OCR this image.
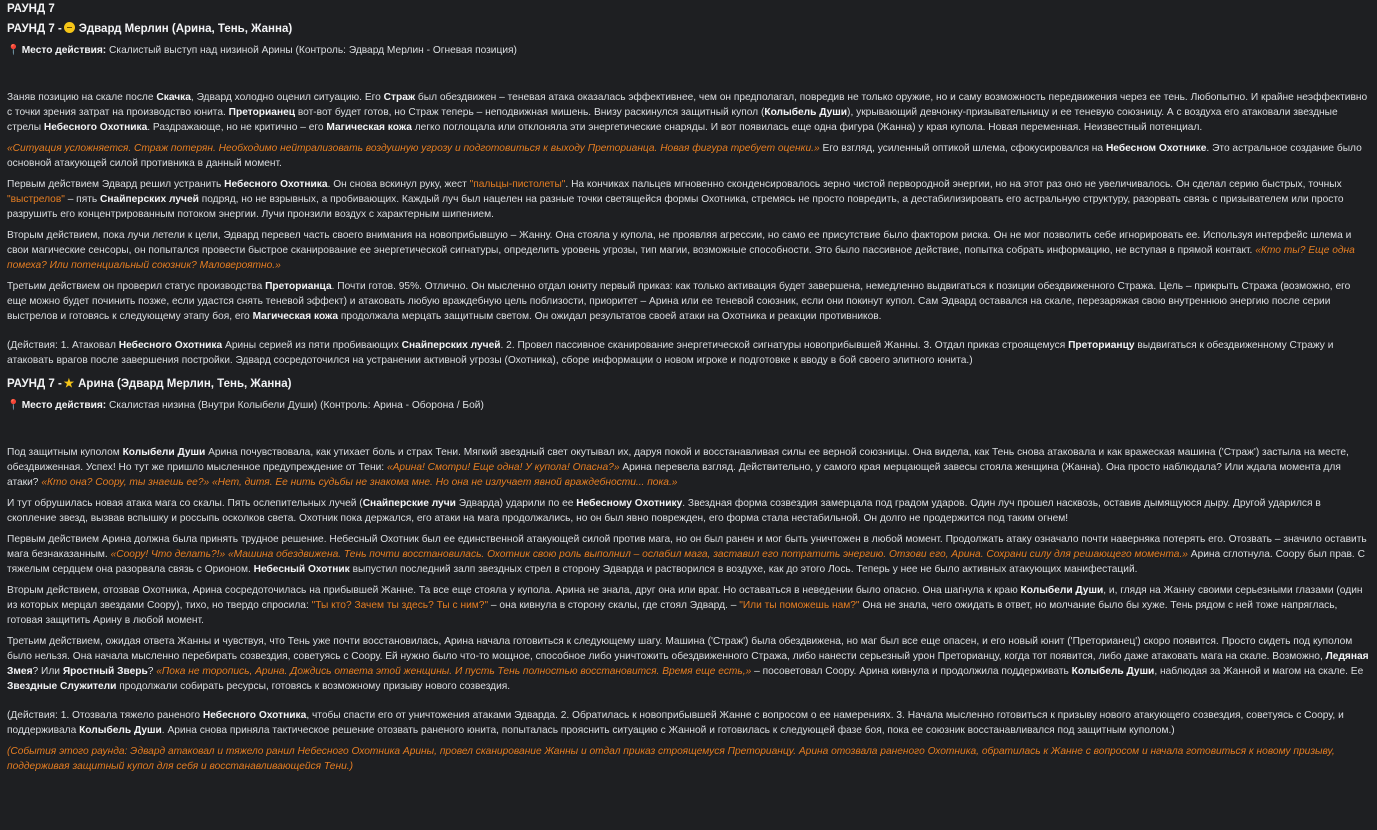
РАУНД 7
РАУНД 7 - Эдвард Мерлин (Арина, Тень, Жанна)
📍 Место действия: Скалистый выступ над низиной Арины (Контроль: Эдвард Мерлин - Огневая позиция)

Заняв позицию на скале после Скачка, Эдвард холодно оценил ситуацию. Его Страж был обездвижен – теневая атака оказалась эффективнее, чем он предполагал, повредив не только оружие, но и саму возможность передвижения через ее тень. Любопытно. И крайне неэффективно с точки зрения затрат на производство юнита. Преторианец вот-вот будет готов, но Страж теперь – неподвижная мишень. Внизу раскинулся защитный купол (Колыбель Души), укрывающий девчонку-призывательницу и ее теневую союзницу. А с воздуха его атаковали звездные стрелы Небесного Охотника. Раздражающе, но не критично – его Магическая кожа легко поглощала или отклоняла эти энергетические снаряды. И вот появилась еще одна фигура (Жанна) у края купола. Новая переменная. Неизвестный потенциал.

«Ситуация усложняется. Страж потерян. Необходимо нейтрализовать воздушную угрозу и подготовиться к выходу Преторианца. Новая фигура требует оценки.» Его взгляд, усиленный оптикой шлема, сфокусировался на Небесном Охотнике. Это астральное создание было основной атакующей силой противника в данный момент.

Первым действием Эдвард решил устранить Небесного Охотника. Он снова вскинул руку, жест "пальцы-пистолеты". На кончиках пальцев мгновенно сконденсировалось зерно чистой первородной энергии, но на этот раз оно не увеличивалось. Он сделал серию быстрых, точных "выстрелов" – пять Снайперских лучей подряд, но не взрывных, а пробивающих. Каждый луч был нацелен на разные точки светящейся формы Охотника, стремясь не просто повредить, а дестабилизировать его астральную структуру, разорвать связь с призывателем или просто разрушить его концентрированным потоком энергии. Лучи пронзили воздух с характерным шипением.

Вторым действием, пока лучи летели к цели, Эдвард перевел часть своего внимания на новоприбывшую – Жанну. Она стояла у купола, не проявляя агрессии, но само ее присутствие было фактором риска. Он не мог позволить себе игнорировать ее. Используя интерфейс шлема и свои магические сенсоры, он попытался провести быстрое сканирование ее энергетической сигнатуры, определить уровень угрозы, тип магии, возможные способности. Это было пассивное действие, попытка собрать информацию, не вступая в прямой контакт. «Кто ты? Еще одна помеха? Или потенциальный союзник? Маловероятно.»

Третьим действием он проверил статус производства Преторианца. Почти готов. 95%. Отлично. Он мысленно отдал юниту первый приказ: как только активация будет завершена, немедленно выдвигаться к позиции обездвиженного Стража. Цель – прикрыть Стража (возможно, его еще можно будет починить позже, если удастся снять теневой эффект) и атаковать любую враждебную цель поблизости, приоритет – Арина или ее теневой союзник, если они покинут купол. Сам Эдвард оставался на скале, перезаряжая свою внутреннюю энергию после серии выстрелов и готовясь к следующему этапу боя, его Магическая кожа продолжала мерцать защитным светом. Он ожидал результатов своей атаки на Охотника и реакции противников.

(Действия: 1. Атаковал Небесного Охотника Арины серией из пяти пробивающих Снайперских лучей. 2. Провел пассивное сканирование энергетической сигнатуры новоприбывшей Жанны. 3. Отдал приказ строящемуся Преторианцу выдвигаться к обездвиженному Стражу и атаковать врагов после завершения постройки. Эдвард сосредоточился на устранении активной угрозы (Охотника), сборе информации о новом игроке и подготовке к вводу в бой своего элитного юнита.)

РАУНД 7 - ★ Арина (Эдвард Мерлин, Тень, Жанна)
📍 Место действия: Скалистая низина (Внутри Колыбели Души) (Контроль: Арина - Оборона / Бой)

Под защитным куполом Колыбели Души Арина почувствовала, как утихает боль и страх Тени. Мягкий звездный свет окутывал их, даруя покой и восстанавливая силы ее верной союзницы. Она видела, как Тень снова атаковала и как вражеская машина ('Страж') застыла на месте, обездвиженная. Успех! Но тут же пришло мысленное предупреждение от Тени: «Арина! Смотри! Еще одна! У купола! Опасна?» Арина перевела взгляд. Действительно, у самого края мерцающей завесы стояла женщина (Жанна). Она просто наблюдала? Или ждала момента для атаки? «Кто она? Соору, ты знаешь ее?» «Нет, дитя. Ее нить судьбы не знакома мне. Но она не излучает явной враждебности... пока.»

И тут обрушилась новая атака мага со скалы. Пять ослепительных лучей (Снайперские лучи Эдварда) ударили по ее Небесному Охотнику. Звездная форма созвездия замерцала под градом ударов. Один луч прошел насквозь, оставив дымящуюся дыру. Другой ударился в скопление звезд, вызвав вспышку и россыпь осколков света. Охотник пока держался, его атаки на мага продолжались, но он был явно поврежден, его форма стала нестабильной. Он долго не продержится под таким огнем!

Первым действием Арина должна была принять трудное решение. Небесный Охотник был ее единственной атакующей силой против мага, но он был ранен и мог быть уничтожен в любой момент. Продолжать атаку означало почти наверняка потерять его. Отозвать – значило оставить мага безнаказанным. «Соору! Что делать?!» «Машина обездвижена. Тень почти восстановилась. Охотник свою роль выполнил – ослабил мага, заставил его потратить энергию. Отзови его, Арина. Сохрани силу для решающего момента.» Арина сглотнула. Соору был прав. С тяжелым сердцем она разорвала связь с Орионом. Небесный Охотник выпустил последний залп звездных стрел в сторону Эдварда и растворился в воздухе, как до этого Лось. Теперь у нее не было активных атакующих манифестаций.

Вторым действием, отозвав Охотника, Арина сосредоточилась на прибывшей Жанне. Та все еще стояла у купола. Арина не знала, друг она или враг. Но оставаться в неведении было опасно. Она шагнула к краю Колыбели Души, и, глядя на Жанну своими серьезными глазами (один из которых мерцал звездами Соору), тихо, но твердо спросила: "Ты кто? Зачем ты здесь? Ты с ним?" – она кивнула в сторону скалы, где стоял Эдвард. – "Или ты поможешь нам?" Она не знала, чего ожидать в ответ, но молчание было бы хуже. Тень рядом с ней тоже напряглась, готовая защитить Арину в любой момент.

Третьим действием, ожидая ответа Жанны и чувствуя, что Тень уже почти восстановилась, Арина начала готовиться к следующему шагу. Машина ('Страж') была обездвижена, но маг был все еще опасен, и его новый юнит ('Преторианец') скоро появится. Просто сидеть под куполом было нельзя. Она начала мысленно перебирать созвездия, советуясь с Соору. Ей нужно было что-то мощное, способное либо уничтожить обездвиженного Стража, либо нанести серьезный урон Преторианцу, когда тот появится, либо даже атаковать мага на скале. Возможно, Ледяная Змея? Или Яростный Зверь? «Пока не торопись, Арина. Дождись ответа этой женщины. И пусть Тень полностью восстановится. Время еще есть,» – посоветовал Соору. Арина кивнула и продолжила поддерживать Колыбель Души, наблюдая за Жанной и магом на скале. Ее Звездные Служители продолжали собирать ресурсы, готовясь к возможному призыву нового созвездия.

(Действия: 1. Отозвала тяжело раненого Небесного Охотника, чтобы спасти его от уничтожения атаками Эдварда. 2. Обратилась к новоприбывшей Жанне с вопросом о ее намерениях. 3. Начала мысленно готовиться к призыву нового атакующего созвездия, советуясь с Соору, и поддерживала Колыбель Души. Арина снова приняла тактическое решение отозвать раненого юнита, попыталась прояснить ситуацию с Жанной и готовилась к следующей фазе боя, пока ее союзник восстанавливался под защитным куполом.)

(События этого раунда: Эдвард атаковал и тяжело ранил Небесного Охотника Арины, провел сканирование Жанны и отдал приказ строящемуся Преторианцу. Арина отозвала раненого Охотника, обратилась к Жанне с вопросом и начала готовиться к новому призыву, поддерживая защитный купол для себя и восстанавливающейся Тени.)
